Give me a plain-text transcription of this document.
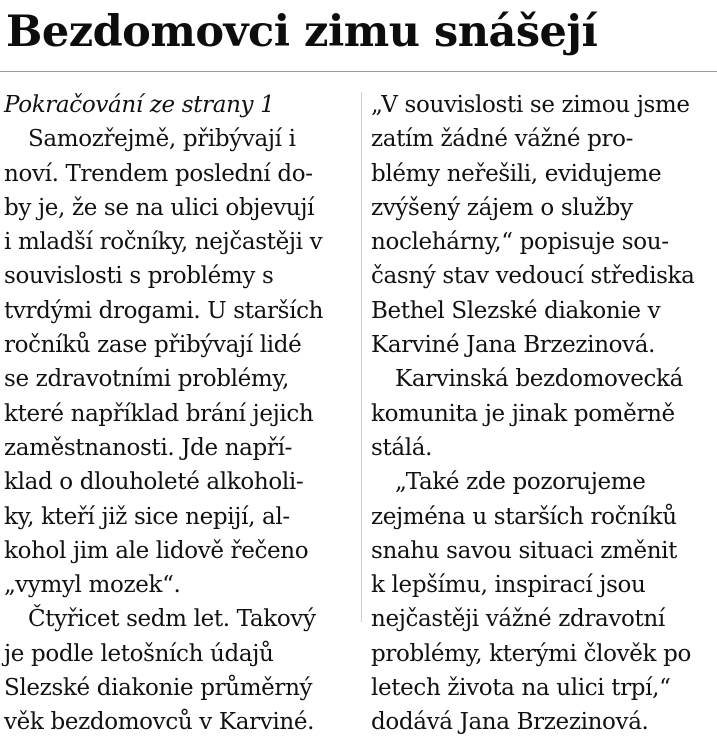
Bezdomovci zimu snášejí
Pokračování ze strany 1
Samozřejmě, přibývají i
noví. Trendem poslední do-
by je, že se na ulici objevují
i mladší ročníky, nejčastěji v
souvislosti s problémy s
tvrdými drogami. U starších
ročníků zase přibývají lidé
se zdravotními problémy,
které například brání jejich
zaměstnanosti. Jde napří-
klad o dlouholeté alkoholi-
ky, kteří již sice nepijí, al-
kohol jim ale lidově řečeno
„vymyl mozek“.
Čtyřicet sedm let. Takový
je podle letošních údajů
Slezské diakonie průměrný
věk bezdomovců v Karviné.
„V souvislosti se zimou jsme
zatím žádné vážné pro-
blémy neřešili, evidujeme
zvýšený zájem o služby
noclehárny,“ popisuje sou-
časný stav vedoucí střediska
Bethel Slezské diakonie v
Karviné Jana Brzezinová.
Karvinská bezdomovecká
komunita je jinak poměrně
stálá.
„Také zde pozorujeme
zejména u starších ročníků
snahu savou situaci změnit
k lepšímu, inspirací jsou
nejčastěji vážné zdravotní
problémy, kterými člověk po
letech života na ulici trpí,“
dodává Jana Brzezinová.
